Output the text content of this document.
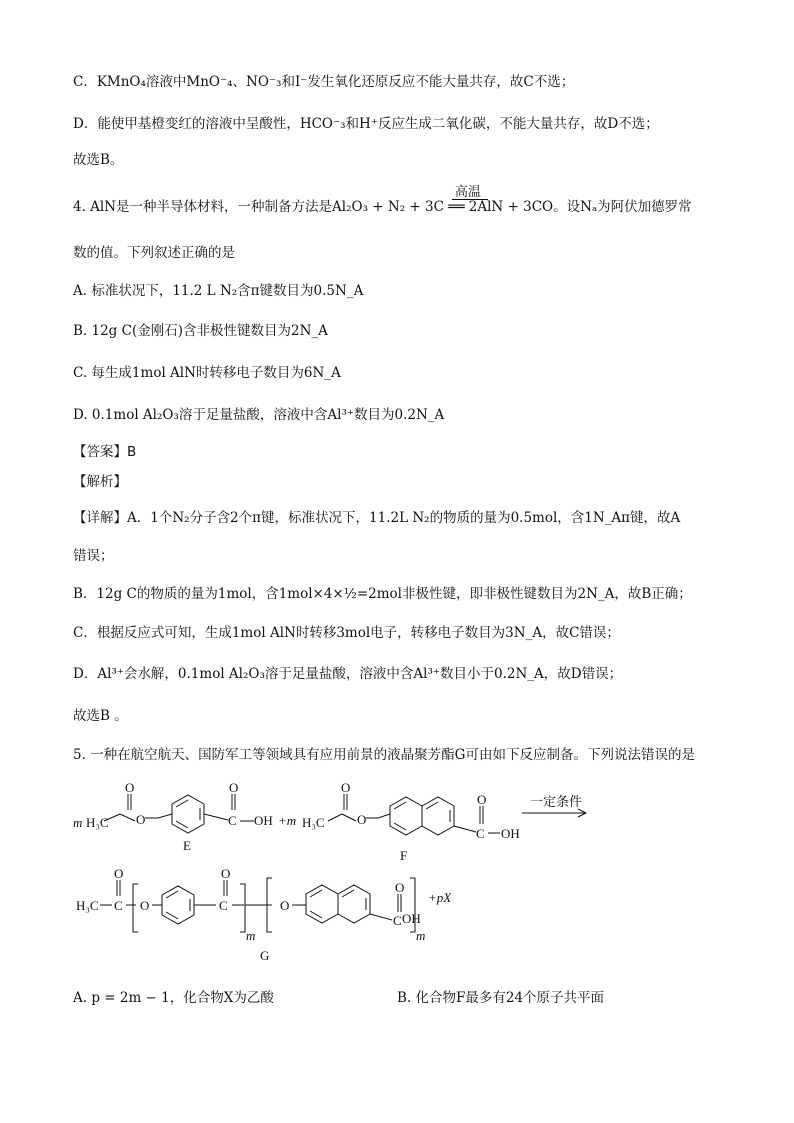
C．KMnO₄溶液中MnO⁻₄、NO⁻₃和I⁻发生氧化还原反应不能大量共存，故C不选；
D．能使甲基橙变红的溶液中呈酸性，HCO⁻₃和H⁺反应生成二氧化碳，不能大量共存，故D不选；
故选B。
4. AlN是一种半导体材料，一种制备方法是Al₂O₃ + N₂ + 3C ══ 2AlN + 3CO。设Nₐ为阿伏加德罗常
高温
数的值。下列叙述正确的是
A. 标准状况下，11.2 L N₂含π键数目为0.5N_A
B. 12g C(金刚石)含非极性键数目为2N_A
C. 每生成1mol AlN时转移电子数目为6N_A
D. 0.1mol Al₂O₃溶于足量盐酸，溶液中含Al³⁺数目为0.2N_A
【答案】B
【解析】
【详解】A．1个N₂分子含2个π键，标准状况下，11.2L N₂的物质的量为0.5mol，含1N_Aπ键，故A
错误；
B．12g C的物质的量为1mol，含1mol×4×½=2mol非极性键，即非极性键数目为2N_A，故B正确；
C．根据反应式可知，生成1mol AlN时转移3mol电子，转移电子数目为3N_A，故C错误；
D．Al³⁺会水解，0.1mol Al₂O₃溶于足量盐酸，溶液中含Al³⁺数目小于0.2N_A，故D错误；
故选B 。
5. 一种在航空航天、国防军工等领域具有应用前景的液晶聚芳酯G可由如下反应制备。下列说法错误的是
m H₃C
O
O
O
C OH +m H₃C
O
O
O
C OH
E
F
一定条件
H₃C
O
C O
O
C
m
O
O
C OH
m
+pX
G
A. p = 2m − 1，化合物X为乙酸	B. 化合物F最多有24个原子共平面
